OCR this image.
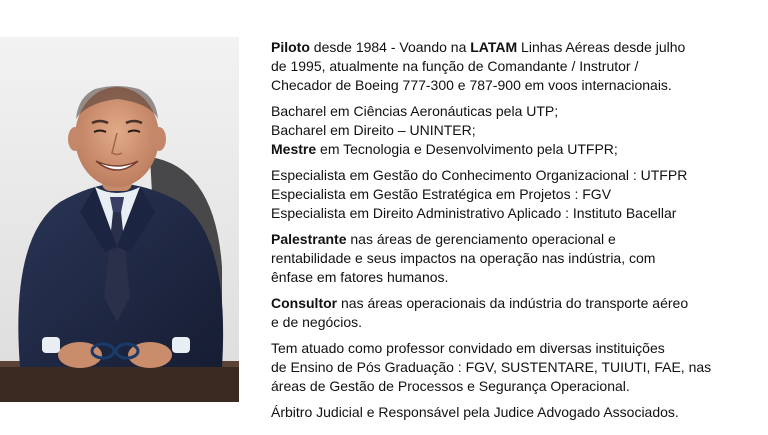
Piloto desde 1984 - Voando na LATAM Linhas Aéreas desde julho
de 1995, atualmente na função de Comandante / Instrutor /
Checador de Boeing 777-300 e 787-900 em voos internacionais.

Bacharel em Ciências Aeronáuticas pela UTP;
Bacharel em Direito – UNINTER;
Mestre em Tecnologia e Desenvolvimento pela UTFPR;

Especialista em Gestão do Conhecimento Organizacional : UTFPR
Especialista em Gestão Estratégica em Projetos : FGV
Especialista em Direito Administrativo Aplicado : Instituto Bacellar

Palestrante nas áreas de gerenciamento operacional e
rentabilidade e seus impactos na operação nas indústria, com
ênfase em fatores humanos.

Consultor nas áreas operacionais da indústria do transporte aéreo
e de negócios.

Tem atuado como professor convidado em diversas instituições
de Ensino de Pós Graduação : FGV, SUSTENTARE, TUIUTI, FAE, nas
áreas de Gestão de Processos e Segurança Operacional.

Árbitro Judicial e Responsável pela Judice Advogado Associados.
